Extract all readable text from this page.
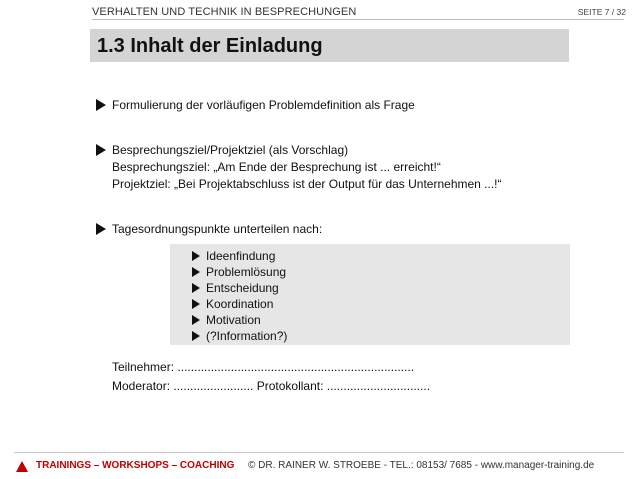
VERHALTEN UND TECHNIK IN BESPRECHUNGEN	SEITE 7 / 32
1.3 Inhalt der Einladung
Formulierung der vorläufigen Problemdefinition als Frage
Besprechungsziel/Projektziel (als Vorschlag)
Besprechungsziel: „Am Ende der Besprechung ist ... erreicht!“
Projektziel: „Bei Projektabschluss ist der Output für das Unternehmen ...!“
Tagesordnungspunkte unterteilen nach:
Ideenfindung
Problemlösung
Entscheidung
Koordination
Motivation
(?Information?)
Teilnehmer: .......................................................................
Moderator: ........................ Protokollant: ...............................
TRAININGS – WORKSHOPS – COACHING © DR. RAINER W. STROEBE - TEL.: 08153/ 7685 - www.manager-training.de
